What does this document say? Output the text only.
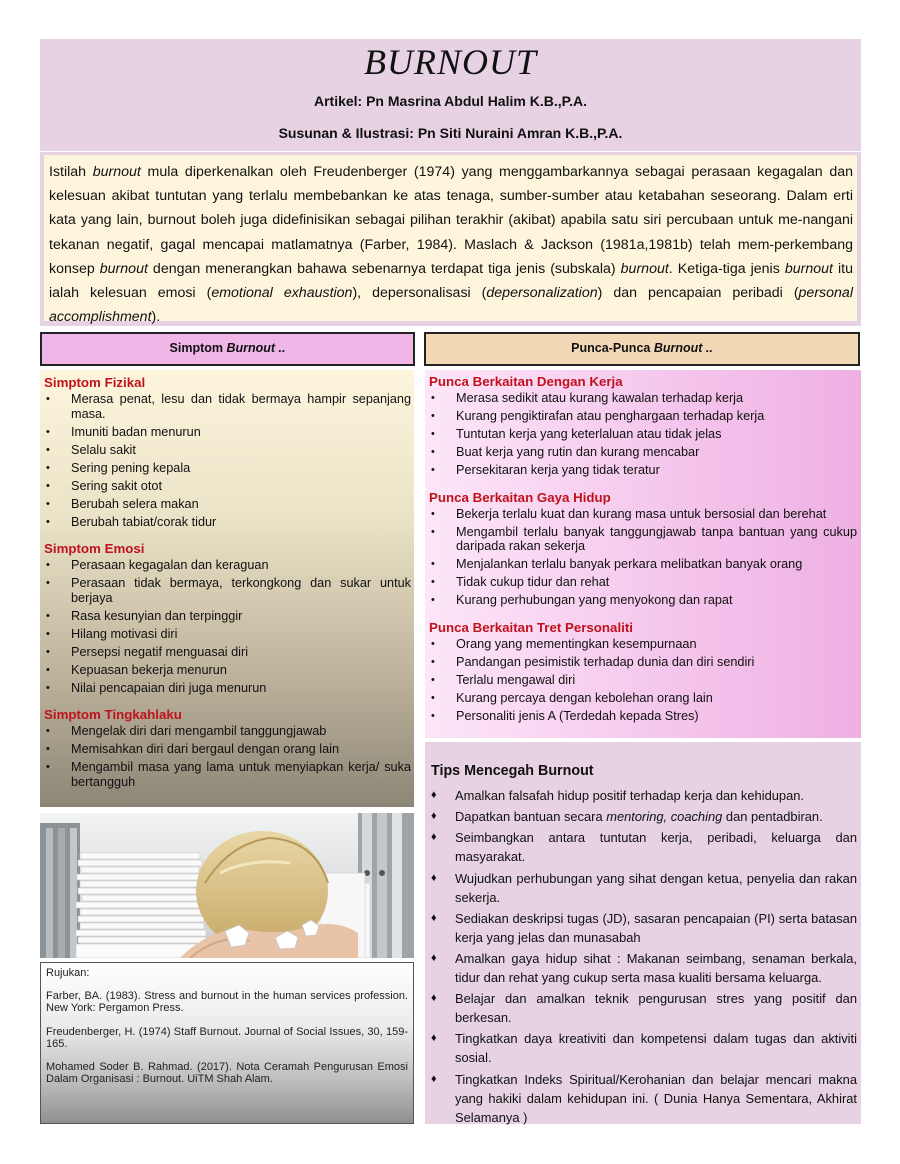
BURNOUT
Artikel: Pn Masrina Abdul Halim K.B.,P.A.
Susunan & Ilustrasi: Pn Siti Nuraini Amran K.B.,P.A.
Istilah burnout mula diperkenalkan oleh Freudenberger (1974) yang menggambarkannya sebagai perasaan kegagalan dan kelesuan akibat tuntutan yang terlalu membebankan ke atas tenaga, sumber-sumber atau ketabahan seseorang. Dalam erti kata yang lain, burnout boleh juga didefinisikan sebagai pilihan terakhir (akibat) apabila satu siri percubaan untuk me-nangani tekanan negatif, gagal mencapai matlamatnya (Farber, 1984). Maslach & Jackson (1981a,1981b) telah mem-perkembang konsep burnout dengan menerangkan bahawa sebenarnya terdapat tiga jenis (subskala) burnout. Ketiga-tiga jenis burnout itu ialah kelesuan emosi (emotional exhaustion), depersonalisasi (depersonalization) dan pencapaian peribadi (personal accomplishment).
Simptom Burnout ..	Punca-Punca Burnout ..
Simptom Fizikal
• Merasa penat, lesu dan tidak bermaya hampir sepanjang masa.
• Imuniti badan menurun
• Selalu sakit
• Sering pening kepala
• Sering sakit otot
• Berubah selera makan
• Berubah tabiat/corak tidur
Simptom Emosi
• Perasaan kegagalan dan keraguan
• Perasaan tidak bermaya, terkongkong dan sukar untuk berjaya
• Rasa kesunyian dan terpinggir
• Hilang motivasi diri
• Persepsi negatif menguasai diri
• Kepuasan bekerja menurun
• Nilai pencapaian diri juga menurun
Simptom Tingkahlaku
• Mengelak diri dari mengambil tanggungjawab
• Memisahkan diri dari bergaul dengan orang lain
• Mengambil masa yang lama untuk menyiapkan kerja/ suka bertangguh
Punca Berkaitan Dengan Kerja
• Merasa sedikit atau kurang kawalan terhadap kerja
• Kurang pengiktirafan atau penghargaan terhadap kerja
• Tuntutan kerja yang keterlaluan atau tidak jelas
• Buat kerja yang rutin dan kurang mencabar
• Persekitaran kerja yang tidak teratur
Punca Berkaitan Gaya Hidup
• Bekerja terlalu kuat dan kurang masa untuk bersosial dan berehat
• Mengambil terlalu banyak tanggungjawab tanpa bantuan yang cukup daripada rakan sekerja
• Menjalankan terlalu banyak perkara melibatkan banyak orang
• Tidak cukup tidur dan rehat
• Kurang perhubungan yang menyokong dan rapat
Punca Berkaitan Tret Personaliti
• Orang yang mementingkan kesempurnaan
• Pandangan pesimistik terhadap dunia dan diri sendiri
• Terlalu mengawal diri
• Kurang percaya dengan kebolehan orang lain
• Personaliti jenis A (Terdedah kepada Stres)
Tips Mencegah Burnout
♦ Amalkan falsafah hidup positif terhadap kerja dan kehidupan.
♦ Dapatkan bantuan secara mentoring, coaching dan pentadbiran.
♦ Seimbangkan antara tuntutan kerja, peribadi, keluarga dan masyarakat.
♦ Wujudkan perhubungan yang sihat dengan ketua, penyelia dan rakan sekerja.
♦ Sediakan deskripsi tugas (JD), sasaran pencapaian (PI) serta batasan kerja yang jelas dan munasabah
♦ Amalkan gaya hidup sihat : Makanan seimbang, senaman berkala, tidur dan rehat yang cukup serta masa kualiti bersama keluarga.
♦ Belajar dan amalkan teknik pengurusan stres yang positif dan berkesan.
♦ Tingkatkan daya kreativiti dan kompetensi dalam tugas dan aktiviti sosial.
♦ Tingkatkan Indeks Spiritual/Kerohanian dan belajar mencari makna yang hakiki dalam kehidupan ini. ( Dunia Hanya Sementara, Akhirat Selamanya )

Rujukan:

Farber, BA. (1983). Stress and burnout in the human services profession. New York: Pergamon Press.

Freudenberger, H. (1974) Staff Burnout. Journal of Social Issues, 30, 159-165.

Mohamed Soder B. Rahmad. (2017). Nota Ceramah Pengurusan Emosi Dalam Organisasi : Burnout. UiTM Shah Alam.
